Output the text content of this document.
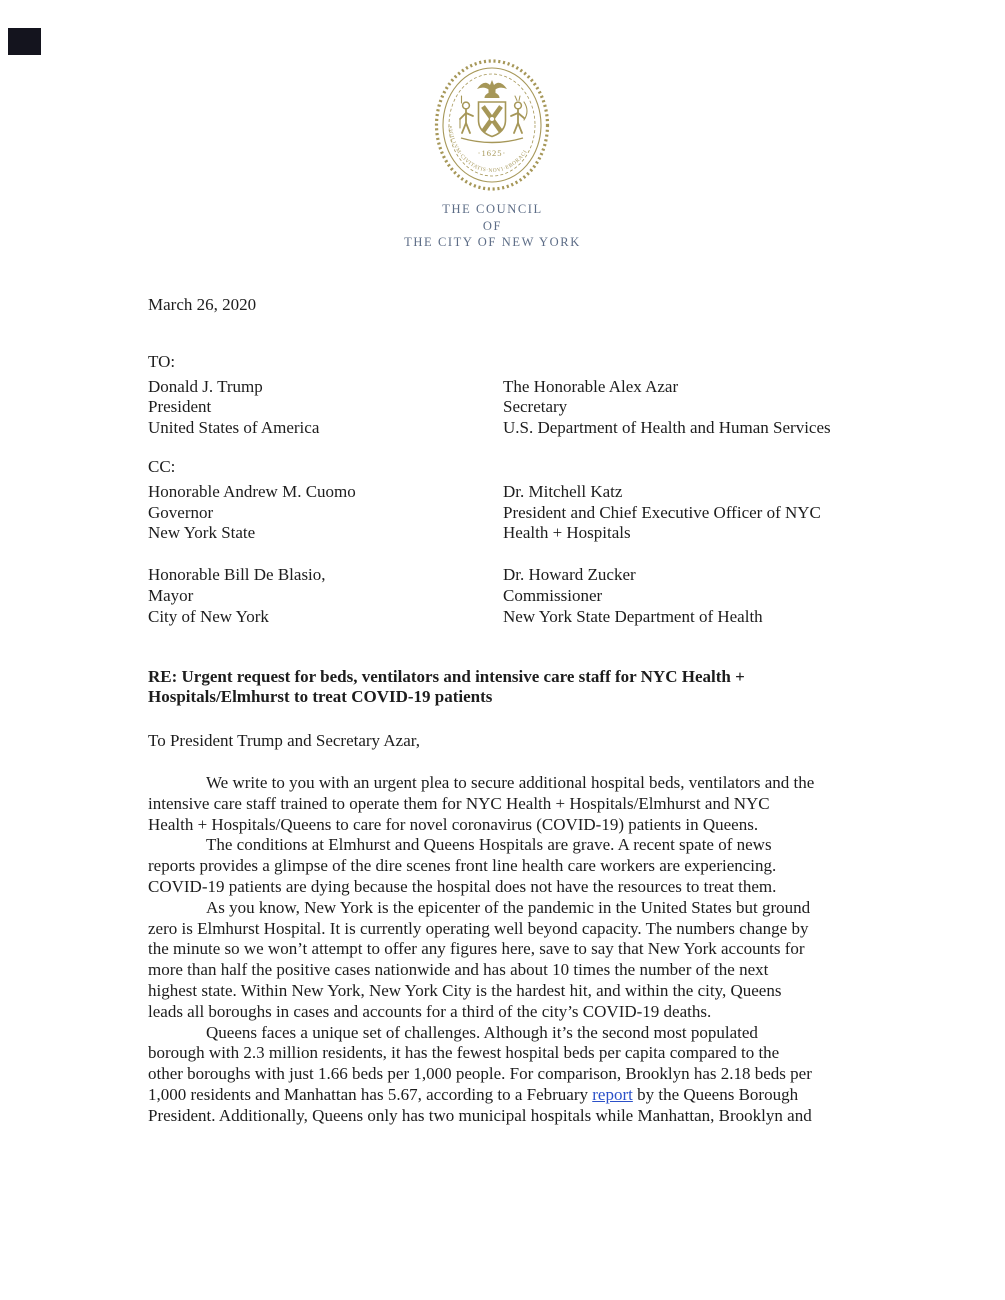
·1625·
SIGILLVM·CIVITATIS·NOVI·EBORACI
THE COUNCIL
OF
THE CITY OF NEW YORK
March 26, 2020
TO:
Donald J. Trump
President
United States of America
The Honorable Alex Azar
Secretary
U.S. Department of Health and Human Services
CC:
Honorable Andrew M. Cuomo
Governor
New York State
Dr. Mitchell Katz
President and Chief Executive Officer of NYC
Health + Hospitals
Honorable Bill De Blasio,
Mayor
City of New York
Dr. Howard Zucker
Commissioner
New York State Department of Health
RE: Urgent request for beds, ventilators and intensive care staff for NYC Health +
Hospitals/Elmhurst to treat COVID-19 patients
To President Trump and Secretary Azar,
We write to you with an urgent plea to secure additional hospital beds, ventilators and the
intensive care staff trained to operate them for NYC Health + Hospitals/Elmhurst and NYC
Health + Hospitals/Queens to care for novel coronavirus (COVID-19) patients in Queens.
The conditions at Elmhurst and Queens Hospitals are grave. A recent spate of news
reports provides a glimpse of the dire scenes front line health care workers are experiencing.
COVID-19 patients are dying because the hospital does not have the resources to treat them.
As you know, New York is the epicenter of the pandemic in the United States but ground
zero is Elmhurst Hospital. It is currently operating well beyond capacity. The numbers change by
the minute so we won’t attempt to offer any figures here, save to say that New York accounts for
more than half the positive cases nationwide and has about 10 times the number of the next
highest state. Within New York, New York City is the hardest hit, and within the city, Queens
leads all boroughs in cases and accounts for a third of the city’s COVID-19 deaths.
Queens faces a unique set of challenges. Although it’s the second most populated
borough with 2.3 million residents, it has the fewest hospital beds per capita compared to the
other boroughs with just 1.66 beds per 1,000 people. For comparison, Brooklyn has 2.18 beds per
1,000 residents and Manhattan has 5.67, according to a February report by the Queens Borough
President. Additionally, Queens only has two municipal hospitals while Manhattan, Brooklyn and
